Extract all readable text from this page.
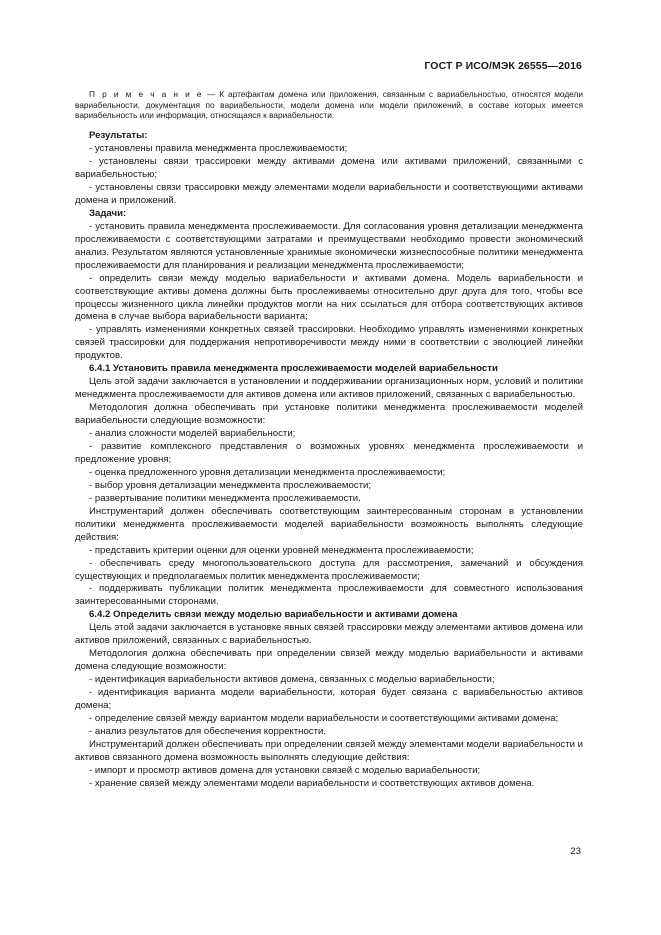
ГОСТ Р ИСО/МЭК 26555—2016
П р и м е ч а н и е — К артефактам домена или приложения, связанным с вариабельностью, относятся модели вариабельности, документация по вариабельности, модели домена или модели приложений, в составе которых имеется вариабельность или информация, относящаяся к вариабельности.

Результаты:

- установлены правила менеджмента прослеживаемости;

- установлены связи трассировки между активами домена или активами приложений, связанными с вариабельностью;

- установлены связи трассировки между элементами модели вариабельности и соответствующими активами домена и приложений.

Задачи:

- установить правила менеджмента прослеживаемости. Для согласования уровня детализации менеджмента прослеживаемости с соответствующими затратами и преимуществами необходимо провести экономический анализ. Результатом являются установленные хранимые экономически жизнеспособные политики менеджмента прослеживаемости для планирования и реализации менеджмента прослеживаемости;

- определить связи между моделью вариабельности и активами домена. Модель вариабельности и соответствующие активы домена должны быть прослеживаемы относительно друг друга для того, чтобы все процессы жизненного цикла линейки продуктов могли на них ссылаться для отбора соответствующих активов домена в случае выбора вариабельности варианта;

- управлять изменениями конкретных связей трассировки. Необходимо управлять изменениями конкретных связей трассировки для поддержания непротиворечивости между ними в соответствии с эволюцией линейки продуктов.

6.4.1 Установить правила менеджмента прослеживаемости моделей вариабельности

Цель этой задачи заключается в установлении и поддерживании организационных норм, условий и политики менеджмента прослеживаемости для активов домена или активов приложений, связанных с вариабельностью.

Методология должна обеспечивать при установке политики менеджмента прослеживаемости моделей вариабельности следующие возможности:

- анализ сложности моделей вариабельности;

- развитие комплексного представления о возможных уровнях менеджмента прослеживаемости и предложение уровня;

- оценка предложенного уровня детализации менеджмента прослеживаемости;

- выбор уровня детализации менеджмента прослеживаемости;

- развертывание политики менеджмента прослеживаемости.

Инструментарий должен обеспечивать соответствующим заинтересованным сторонам в установлении политики менеджмента прослеживаемости моделей вариабельности возможность выполнять следующие действия:

- представить критерии оценки для оценки уровней менеджмента прослеживаемости;

- обеспечивать среду многопользовательского доступа для рассмотрения, замечаний и обсуждения существующих и предполагаемых политик менеджмента прослеживаемости;

- поддерживать публикации политик менеджмента прослеживаемости для совместного использования заинтересованными сторонами.

6.4.2 Определить связи между моделью вариабельности и активами домена

Цель этой задачи заключается в установке явных связей трассировки между элементами активов домена или активов приложений, связанных с вариабельностью.

Методология должна обеспечивать при определении связей между моделью вариабельности и активами домена следующие возможности:

- идентификация вариабельности активов домена, связанных с моделью вариабельности;

- идентификация варианта модели вариабельности, которая будет связана с вариабельностью активов домена;

- определение связей между вариантом модели вариабельности и соответствующими активами домена;

- анализ результатов для обеспечения корректности.

Инструментарий должен обеспечивать при определении связей между элементами модели вариабельности и активов связанного домена возможность выполнять следующие действия:

- импорт и просмотр активов домена для установки связей с моделью вариабельности;

- хранение связей между элементами модели вариабельности и соответствующих активов домена.

23
